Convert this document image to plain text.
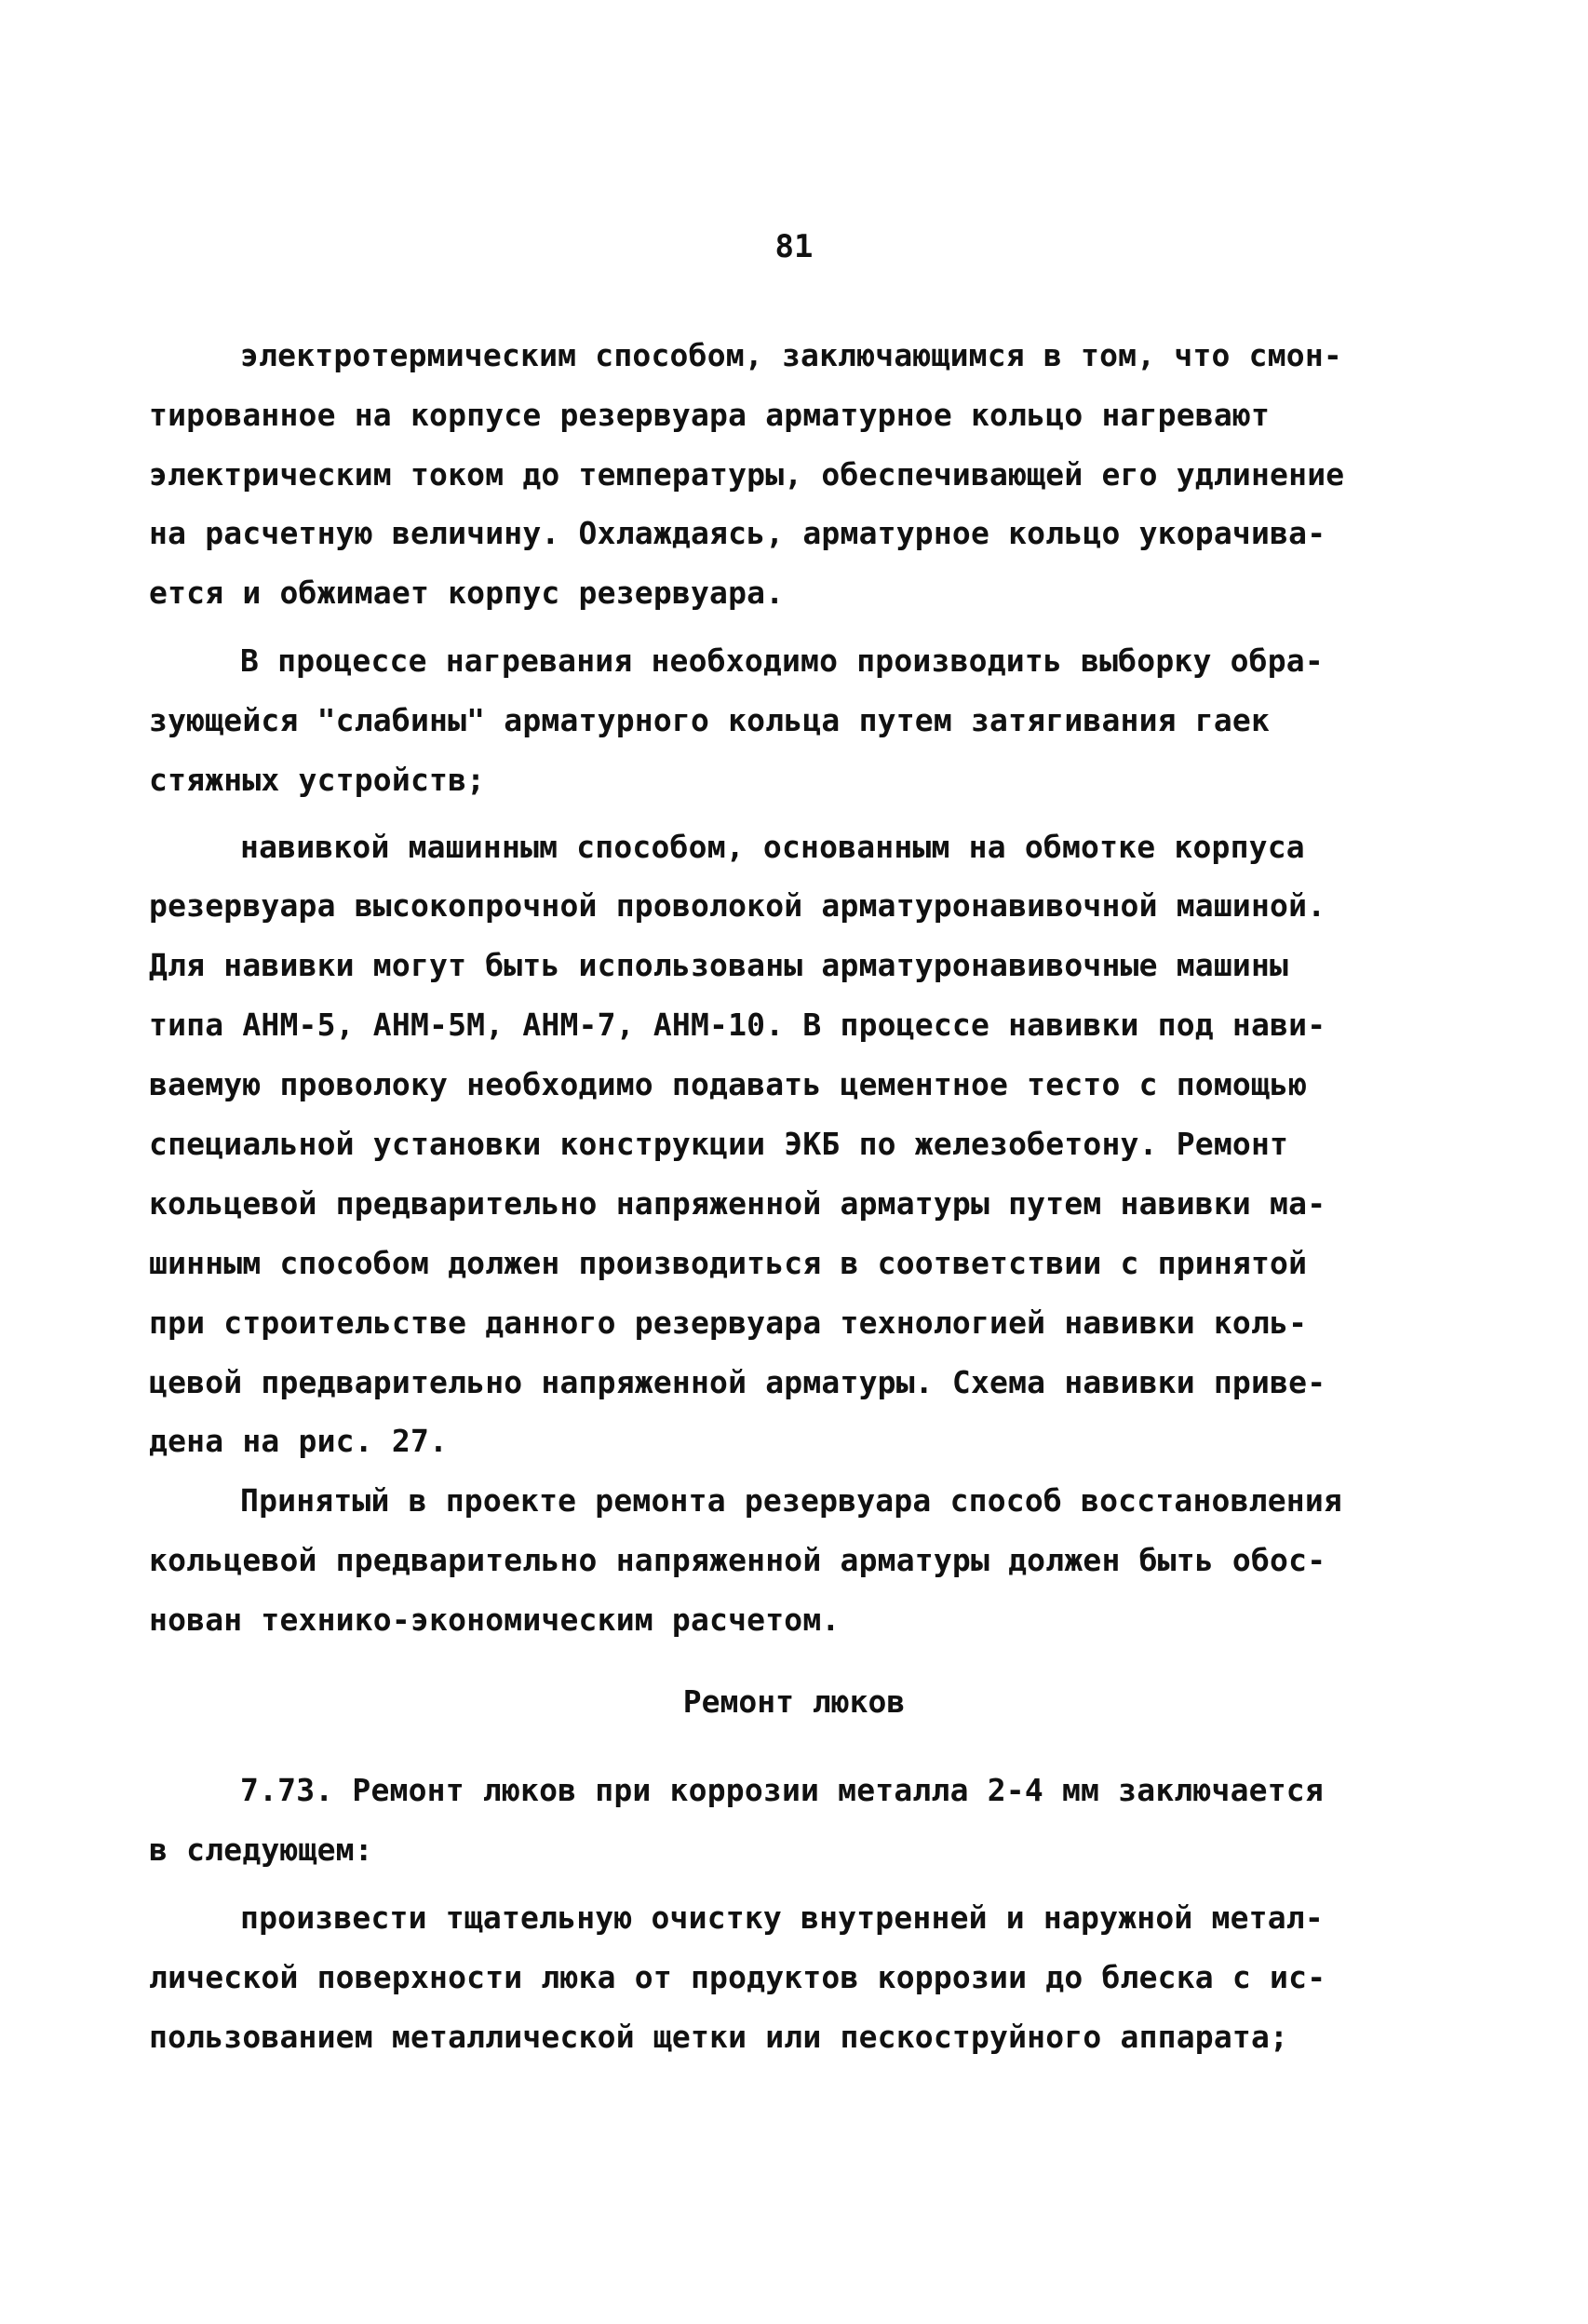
81
электротермическим способом, заключающимся в том, что смон-
тированное на корпусе резервуара арматурное кольцо нагревают
электрическим током до температуры, обеспечивающей его удлинение
на расчетную величину. Охлаждаясь, арматурное кольцо укорачива-
ется и обжимает корпус резервуара.
В процессе нагревания необходимо производить выборку обра-
зующейся "слабины" арматурного кольца путем затягивания гаек
стяжных устройств;
навивкой машинным способом, основанным на обмотке корпуса
резервуара высокопрочной проволокой арматуронавивочной машиной.
Для навивки могут быть использованы арматуронавивочные машины
типа АНМ-5, АНМ-5М, АНМ-7, АНМ-10. В процессе навивки под нави-
ваемую проволоку необходимо подавать цементное тесто с помощью
специальной установки конструкции ЭКБ по железобетону. Ремонт
кольцевой предварительно напряженной арматуры путем навивки ма-
шинным способом должен производиться в соответствии с принятой
при строительстве данного резервуара технологией навивки коль-
цевой предварительно напряженной арматуры. Схема навивки приве-
дена на рис. 27.
Принятый в проекте ремонта резервуара способ восстановления
кольцевой предварительно напряженной арматуры должен быть обос-
нован технико-экономическим расчетом.
Ремонт люков
7.73. Ремонт люков при коррозии металла 2-4 мм заключается
в следующем:
произвести тщательную очистку внутренней и наружной метал-
лической поверхности люка от продуктов коррозии до блеска с ис-
пользованием металлической щетки или пескоструйного аппарата;
